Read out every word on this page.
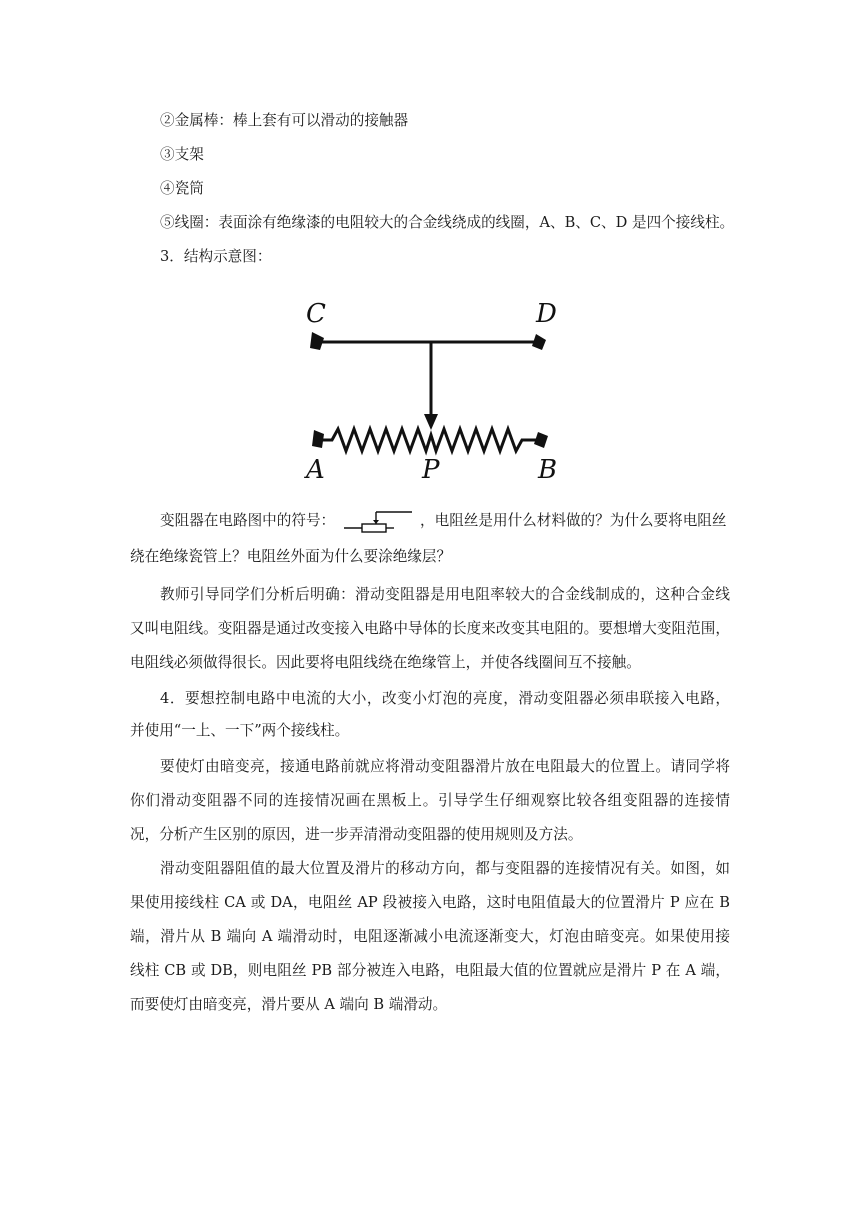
②金属棒：棒上套有可以滑动的接触器
③支架
④瓷筒
⑤线圈：表面涂有绝缘漆的电阻较大的合金线绕成的线圈，A、B、C、D 是四个接线柱。
3．结构示意图：
C	D
A	P	B
变阻器在电路图中的符号：	，电阻丝是用什么材料做的？为什么要将电阻丝
绕在绝缘瓷管上？电阻丝外面为什么要涂绝缘层？
教师引导同学们分析后明确：滑动变阻器是用电阻率较大的合金线制成的，这种合金线
又叫电阻线。变阻器是通过改变接入电路中导体的长度来改变其电阻的。要想增大变阻范围，
电阻线必须做得很长。因此要将电阻线绕在绝缘管上，并使各线圈间互不接触。
4．要想控制电路中电流的大小，改变小灯泡的亮度，滑动变阻器必须串联接入电路，
并使用“一上、一下”两个接线柱。
要使灯由暗变亮，接通电路前就应将滑动变阻器滑片放在电阻最大的位置上。请同学将
你们滑动变阻器不同的连接情况画在黑板上。引导学生仔细观察比较各组变阻器的连接情
况，分析产生区别的原因，进一步弄清滑动变阻器的使用规则及方法。
滑动变阻器阻值的最大位置及滑片的移动方向，都与变阻器的连接情况有关。如图，如
果使用接线柱 CA 或 DA，电阻丝 AP 段被接入电路，这时电阻值最大的位置滑片 P 应在 B
端，滑片从 B 端向 A 端滑动时，电阻逐渐减小电流逐渐变大，灯泡由暗变亮。如果使用接
线柱 CB 或 DB，则电阻丝 PB 部分被连入电路，电阻最大值的位置就应是滑片 P 在 A 端，
而要使灯由暗变亮，滑片要从 A 端向 B 端滑动。
